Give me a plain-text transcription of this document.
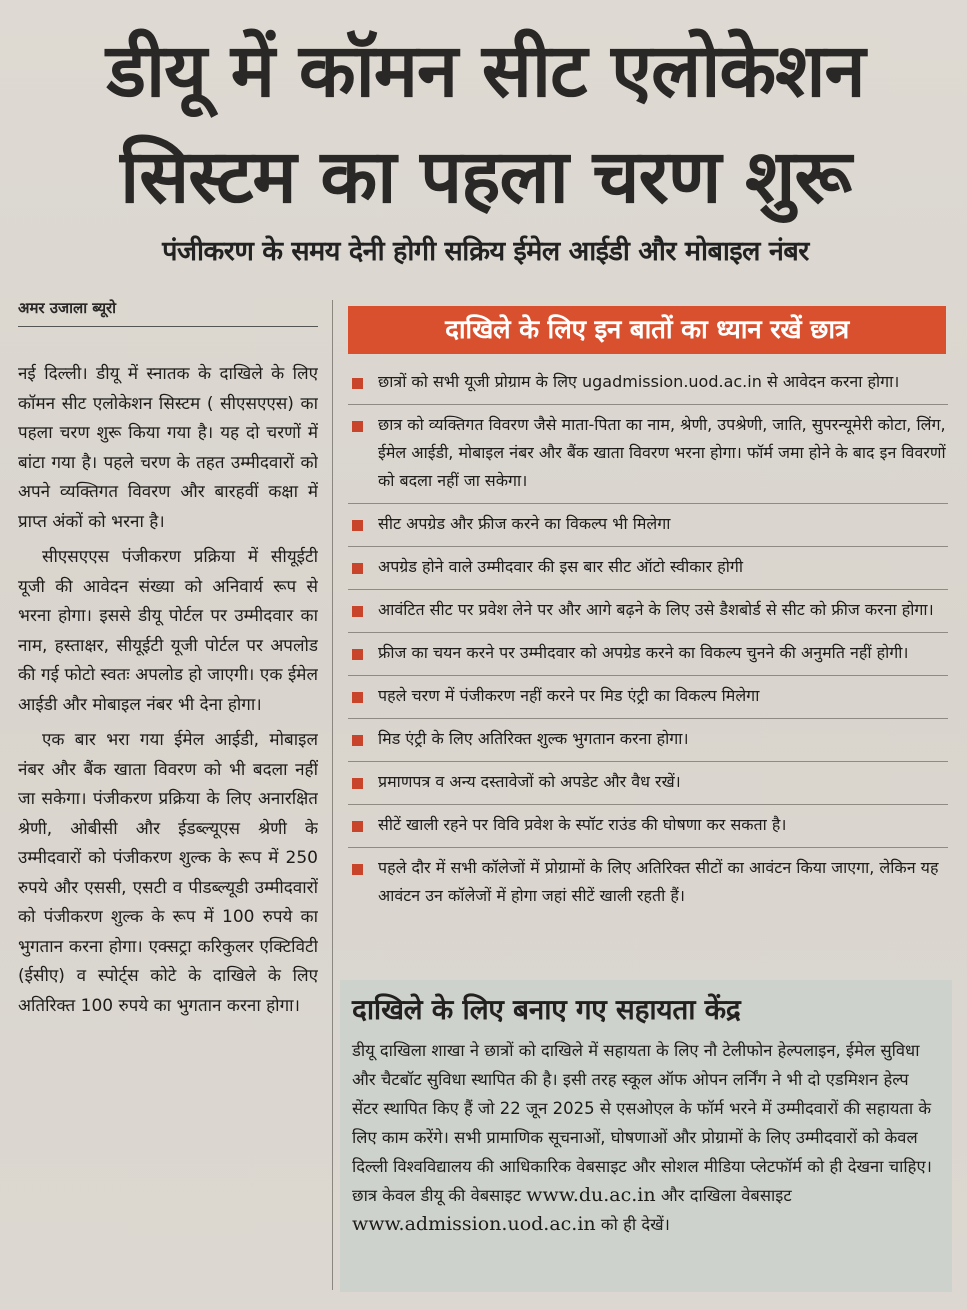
डीयू में कॉमन सीट एलोकेशन
सिस्टम का पहला चरण शुरू
पंजीकरण के समय देनी होगी सक्रिय ईमेल आईडी और मोबाइल नंबर
अमर उजाला ब्यूरो

नई दिल्ली। डीयू में स्नातक के दाखिले के लिए कॉमन सीट एलोकेशन सिस्टम ( सीएसएएस) का पहला चरण शुरू किया गया है। यह दो चरणों में बांटा गया है। पहले चरण के तहत उम्मीदवारों को अपने व्यक्तिगत विवरण और बारहवीं कक्षा में प्राप्त अंकों को भरना है।

सीएसएएस पंजीकरण प्रक्रिया में सीयूईटी यूजी की आवेदन संख्या को अनिवार्य रूप से भरना होगा। इससे डीयू पोर्टल पर उम्मीदवार का नाम, हस्ताक्षर, सीयूईटी यूजी पोर्टल पर अपलोड की गई फोटो स्वतः अपलोड हो जाएगी। एक ईमेल आईडी और मोबाइल नंबर भी देना होगा।

एक बार भरा गया ईमेल आईडी, मोबाइल नंबर और बैंक खाता विवरण को भी बदला नहीं जा सकेगा। पंजीकरण प्रक्रिया के लिए अनारक्षित श्रेणी, ओबीसी और ईडब्ल्यूएस श्रेणी के उम्मीदवारों को पंजीकरण शुल्क के रूप में 250 रुपये और एससी, एसटी व पीडब्ल्यूडी उम्मीदवारों को पंजीकरण शुल्क के रूप में 100 रुपये का भुगतान करना होगा। एक्सट्रा करिकुलर एक्टिविटी (ईसीए) व स्पोर्ट्स कोटे के दाखिले के लिए अतिरिक्त 100 रुपये का भुगतान करना होगा।

दाखिले के लिए इन बातों का ध्यान रखें छात्र
छात्रों को सभी यूजी प्रोग्राम के लिए ugadmission.uod.ac.in से आवेदन करना होगा।
छात्र को व्यक्तिगत विवरण जैसे माता-पिता का नाम, श्रेणी, उपश्रेणी, जाति, सुपरन्यूमेरी कोटा, लिंग, ईमेल आईडी, मोबाइल नंबर और बैंक खाता विवरण भरना होगा। फॉर्म जमा होने के बाद इन विवरणों को बदला नहीं जा सकेगा।
सीट अपग्रेड और फ्रीज करने का विकल्प भी मिलेगा
अपग्रेड होने वाले उम्मीदवार की इस बार सीट ऑटो स्वीकार होगी
आवंटित सीट पर प्रवेश लेने पर और आगे बढ़ने के लिए उसे डैशबोर्ड से सीट को फ्रीज करना होगा।
फ्रीज का चयन करने पर उम्मीदवार को अपग्रेड करने का विकल्प चुनने की अनुमति नहीं होगी।
पहले चरण में पंजीकरण नहीं करने पर मिड एंट्री का विकल्प मिलेगा
मिड एंट्री के लिए अतिरिक्त शुल्क भुगतान करना होगा।
प्रमाणपत्र व अन्य दस्तावेजों को अपडेट और वैध रखें।
सीटें खाली रहने पर विवि प्रवेश के स्पॉट राउंड की घोषणा कर सकता है।
पहले दौर में सभी कॉलेजों में प्रोग्रामों के लिए अतिरिक्त सीटों का आवंटन किया जाएगा, लेकिन यह आवंटन उन कॉलेजों में होगा जहां सीटें खाली रहती हैं।
दाखिले के लिए बनाए गए सहायता केंद्र

डीयू दाखिला शाखा ने छात्रों को दाखिले में सहायता के लिए नौ टेलीफोन हेल्पलाइन, ईमेल सुविधा और चैटबॉट सुविधा स्थापित की है। इसी तरह स्कूल ऑफ ओपन लर्निंग ने भी दो एडमिशन हेल्प सेंटर स्थापित किए हैं जो 22 जून 2025 से एसओएल के फॉर्म भरने में उम्मीदवारों की सहायता के लिए काम करेंगे। सभी प्रामाणिक सूचनाओं, घोषणाओं और प्रोग्रामों के लिए उम्मीदवारों को केवल दिल्ली विश्वविद्यालय की आधिकारिक वेबसाइट और सोशल मीडिया प्लेटफॉर्म को ही देखना चाहिए। छात्र केवल डीयू की वेबसाइट www.du.ac.in और दाखिला वेबसाइट
www.admission.uod.ac.in को ही देखें।
